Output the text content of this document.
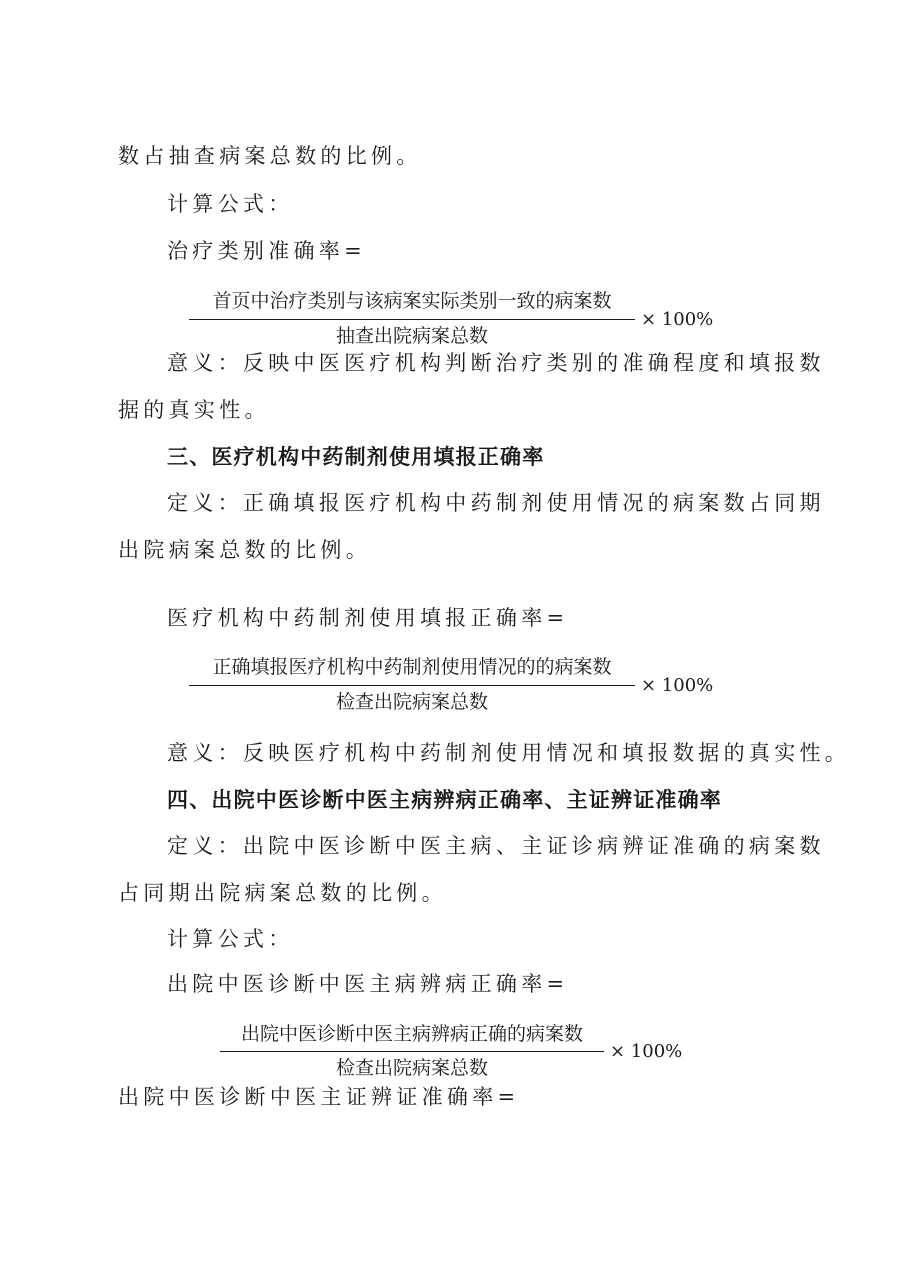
数占抽查病案总数的比例。
计算公式：
治疗类别准确率=
首页中治疗类别与该病案实际类别一致的病案数
抽查出院病案总数
× 100%
意义：反映中医医疗机构判断治疗类别的准确程度和填报数
据的真实性。
三、医疗机构中药制剂使用填报正确率
定义：正确填报医疗机构中药制剂使用情况的病案数占同期
出院病案总数的比例。
医疗机构中药制剂使用填报正确率=
正确填报医疗机构中药制剂使用情况的的病案数
检查出院病案总数
× 100%
意义：反映医疗机构中药制剂使用情况和填报数据的真实性。
四、出院中医诊断中医主病辨病正确率、主证辨证准确率
定义：出院中医诊断中医主病、主证诊病辨证准确的病案数
占同期出院病案总数的比例。
计算公式：
出院中医诊断中医主病辨病正确率=
出院中医诊断中医主病辨病正确的病案数
检查出院病案总数
× 100%
出院中医诊断中医主证辨证准确率=
